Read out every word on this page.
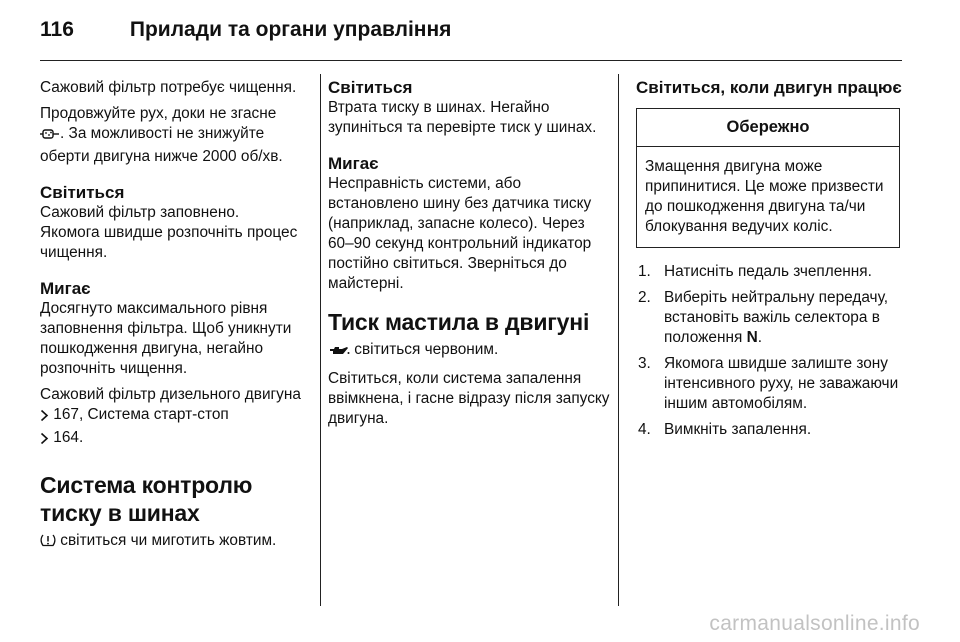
116	Прилади та органи управління

Сажовий фільтр потребує чищення.

Продовжуйте рух, доки не згасне
. За можливості не знижуйте оберти двигуна нижче 2000 об/хв.

Світиться

Сажовий фільтр заповнено.

Якомога швидше розпочніть процес чищення.

Мигає

Досягнуто максимального рівня заповнення фільтра. Щоб уникнути пошкодження двигуна, негайно розпочніть чищення.

Сажовий фільтр дизельного двигуна  167, Система старт-стоп
164.

Система контролю тиску в шинах

світиться чи миготить жовтим.

Світиться

Втрата тиску в шинах. Негайно зупиніться та перевірте тиск у шинах.

Мигає

Несправність системи, або встановлено шину без датчика тиску (наприклад, запасне колесо). Через 60–90 секунд контрольний індикатор постійно світиться. Зверніться до майстерні.

Тиск мастила в двигуні

світиться червоним.

Світиться, коли система запалення ввімкнена, і гасне відразу після запуску двигуна.

Світиться, коли двигун працює
Обережно
Змащення двигуна може припинитися. Це може призвести до пошкодження двигуна та/чи блокування ведучих коліс.
1. Натисніть педаль зчеплення.
2. Виберіть нейтральну передачу, встановіть важіль селектора в положення N.
3. Якомога швидше залиште зону інтенсивного руху, не заважаючи іншим автомобілям.
4. Вимкніть запалення.
carmanualsonline.info
